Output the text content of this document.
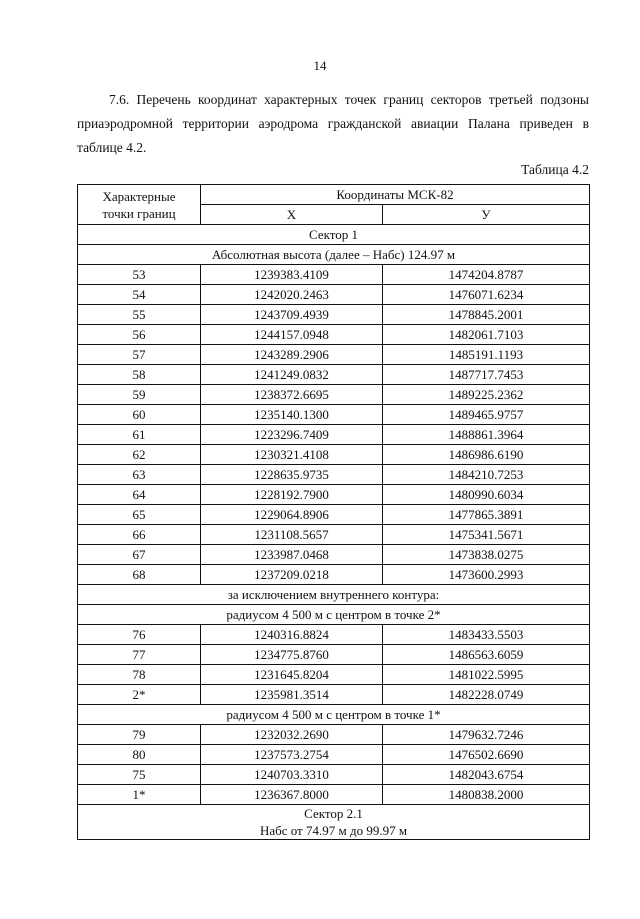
14

7.6. Перечень координат характерных точек границ секторов третьей подзоны приаэродромной территории аэродрома гражданской авиации Палана приведен в таблице 4.2.

Таблица 4.2
Характерные
точки границ	Координаты МСК-82	
	X	У
Сектор 1		
Абсолютная высота (далее – Набс) 124.97 м		
53	1239383.4109	1474204.8787
54	1242020.2463	1476071.6234
55	1243709.4939	1478845.2001
56	1244157.0948	1482061.7103
57	1243289.2906	1485191.1193
58	1241249.0832	1487717.7453
59	1238372.6695	1489225.2362
60	1235140.1300	1489465.9757
61	1223296.7409	1488861.3964
62	1230321.4108	1486986.6190
63	1228635.9735	1484210.7253
64	1228192.7900	1480990.6034
65	1229064.8906	1477865.3891
66	1231108.5657	1475341.5671
67	1233987.0468	1473838.0275
68	1237209.0218	1473600.2993
за исключением внутреннего контура:		
радиусом 4 500 м с центром в точке 2*		
76	1240316.8824	1483433.5503
77	1234775.8760	1486563.6059
78	1231645.8204	1481022.5995
2*	1235981.3514	1482228.0749
радиусом 4 500 м с центром в точке 1*		
79	1232032.2690	1479632.7246
80	1237573.2754	1476502.6690
75	1240703.3310	1482043.6754
1*	1236367.8000	1480838.2000

Сектор 2.1
Набс от 74.97 м до 99.97 м		
